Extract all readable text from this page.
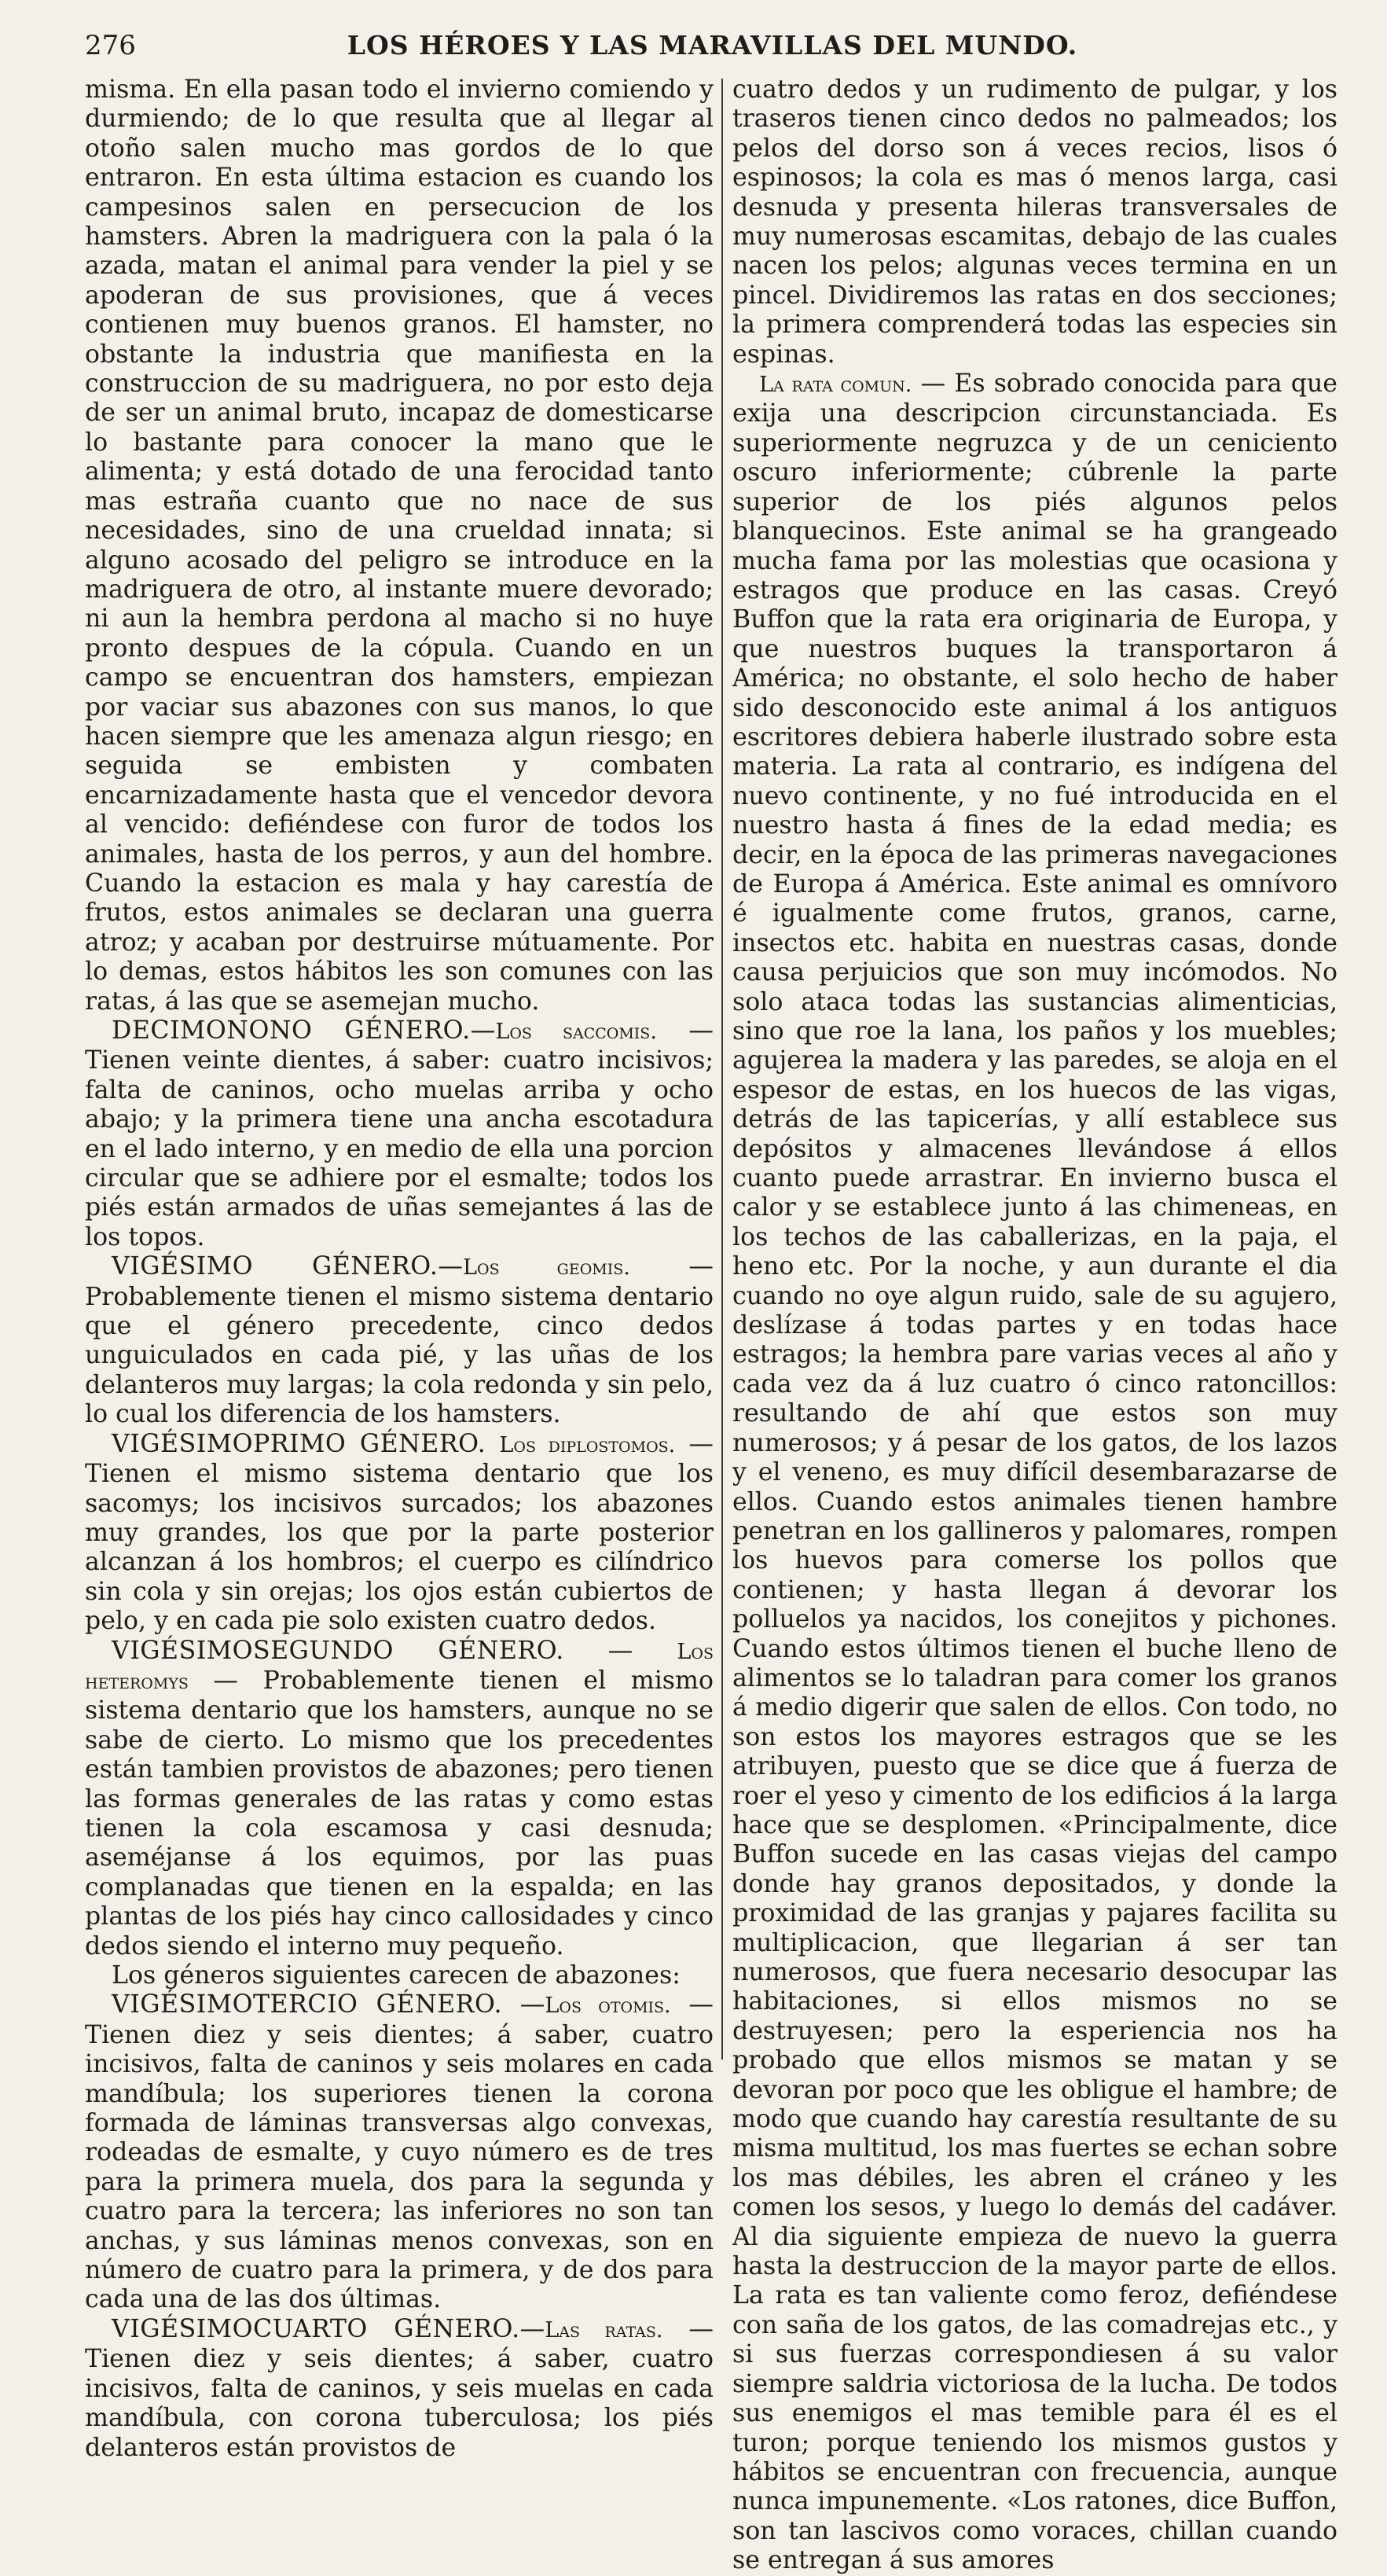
276	LOS HÉROES Y LAS MARAVILLAS DEL MUNDO.

misma. En ella pasan todo el invierno comiendo y durmiendo; de lo que resulta que al llegar al otoño salen mucho mas gordos de lo que entraron. En esta última estacion es cuando los campesinos salen en persecucion de los hamsters. Abren la madriguera con la pala ó la azada, matan el animal para vender la piel y se apoderan de sus provisiones, que á veces contienen muy buenos granos. El hamster, no obstante la industria que manifiesta en la construccion de su madriguera, no por esto deja de ser un animal bruto, incapaz de domesticarse lo bastante para conocer la mano que le alimenta; y está dotado de una ferocidad tanto mas estraña cuanto que no nace de sus necesidades, sino de una crueldad innata; si alguno acosado del peligro se introduce en la madriguera de otro, al instante muere devorado; ni aun la hembra perdona al macho si no huye pronto despues de la cópula. Cuando en un campo se encuentran dos hamsters, empiezan por vaciar sus abazones con sus manos, lo que hacen siempre que les amenaza algun riesgo; en seguida se embisten y combaten encarnizadamente hasta que el vencedor devora al vencido: defiéndese con furor de todos los animales, hasta de los perros, y aun del hombre. Cuando la estacion es mala y hay carestía de frutos, estos animales se declaran una guerra atroz; y acaban por destruirse mútuamente. Por lo demas, estos hábitos les son comunes con las ratas, á las que se asemejan mucho.

DECIMONONO GÉNERO.—Los saccomis. — Tienen veinte dientes, á saber: cuatro incisivos; falta de caninos, ocho muelas arriba y ocho abajo; y la primera tiene una ancha escotadura en el lado interno, y en medio de ella una porcion circular que se adhiere por el esmalte; todos los piés están armados de uñas semejantes á las de los topos.

VIGÉSIMO GÉNERO.—Los geomis. — Probablemente tienen el mismo sistema dentario que el género precedente, cinco dedos unguiculados en cada pié, y las uñas de los delanteros muy largas; la cola redonda y sin pelo, lo cual los diferencia de los hamsters.

VIGÉSIMOPRIMO GÉNERO. Los diplostomos. — Tienen el mismo sistema dentario que los sacomys; los incisivos surcados; los abazones muy grandes, los que por la parte posterior alcanzan á los hombros; el cuerpo es cilíndrico sin cola y sin orejas; los ojos están cubiertos de pelo, y en cada pie solo existen cuatro dedos.

VIGÉSIMOSEGUNDO GÉNERO. — Los heteromys — Probablemente tienen el mismo sistema dentario que los hamsters, aunque no se sabe de cierto. Lo mismo que los precedentes están tambien provistos de abazones; pero tienen las formas generales de las ratas y como estas tienen la cola escamosa y casi desnuda; aseméjanse á los equimos, por las puas complanadas que tienen en la espalda; en las plantas de los piés hay cinco callosidades y cinco dedos siendo el interno muy pequeño.

Los géneros siguientes carecen de abazones:

VIGÉSIMOTERCIO GÉNERO. —Los otomis. — Tienen diez y seis dientes; á saber, cuatro incisivos, falta de caninos y seis molares en cada mandíbula; los superiores tienen la corona formada de láminas transversas algo convexas, rodeadas de esmalte, y cuyo número es de tres para la primera muela, dos para la segunda y cuatro para la tercera; las inferiores no son tan anchas, y sus láminas menos convexas, son en número de cuatro para la primera, y de dos para cada una de las dos últimas.

VIGÉSIMOCUARTO GÉNERO.—Las ratas. — Tienen diez y seis dientes; á saber, cuatro incisivos, falta de caninos, y seis muelas en cada mandíbula, con corona tuberculosa; los piés delanteros están provistos de

cuatro dedos y un rudimento de pulgar, y los traseros tienen cinco dedos no palmeados; los pelos del dorso son á veces recios, lisos ó espinosos; la cola es mas ó menos larga, casi desnuda y presenta hileras transversales de muy numerosas escamitas, debajo de las cuales nacen los pelos; algunas veces termina en un pincel. Dividiremos las ratas en dos secciones; la primera comprenderá todas las especies sin espinas.

La rata comun. — Es sobrado conocida para que exija una descripcion circunstanciada. Es superiormente negruzca y de un ceniciento oscuro inferiormente; cúbrenle la parte superior de los piés algunos pelos blanquecinos. Este animal se ha grangeado mucha fama por las molestias que ocasiona y estragos que produce en las casas. Creyó Buffon que la rata era originaria de Europa, y que nuestros buques la transportaron á América; no obstante, el solo hecho de haber sido desconocido este animal á los antiguos escritores debiera haberle ilustrado sobre esta materia. La rata al contrario, es indígena del nuevo continente, y no fué introducida en el nuestro hasta á fines de la edad media; es decir, en la época de las primeras navegaciones de Europa á América. Este animal es omnívoro é igualmente come frutos, granos, carne, insectos etc. habita en nuestras casas, donde causa perjuicios que son muy incómodos. No solo ataca todas las sustancias alimenticias, sino que roe la lana, los paños y los muebles; agujerea la madera y las paredes, se aloja en el espesor de estas, en los huecos de las vigas, detrás de las tapicerías, y allí establece sus depósitos y almacenes llevándose á ellos cuanto puede arrastrar. En invierno busca el calor y se establece junto á las chimeneas, en los techos de las caballerizas, en la paja, el heno etc. Por la noche, y aun durante el dia cuando no oye algun ruido, sale de su agujero, deslízase á todas partes y en todas hace estragos; la hembra pare varias veces al año y cada vez da á luz cuatro ó cinco ratoncillos: resultando de ahí que estos son muy numerosos; y á pesar de los gatos, de los lazos y el veneno, es muy difícil desembarazarse de ellos. Cuando estos animales tienen hambre penetran en los gallineros y palomares, rompen los huevos para comerse los pollos que contienen; y hasta llegan á devorar los polluelos ya nacidos, los conejitos y pichones. Cuando estos últimos tienen el buche lleno de alimentos se lo taladran para comer los granos á medio digerir que salen de ellos. Con todo, no son estos los mayores estragos que se les atribuyen, puesto que se dice que á fuerza de roer el yeso y cimento de los edificios á la larga hace que se desplomen. «Principalmente, dice Buffon sucede en las casas viejas del campo donde hay granos depositados, y donde la proximidad de las granjas y pajares facilita su multiplicacion, que llegarian á ser tan numerosos, que fuera necesario desocupar las habitaciones, si ellos mismos no se destruyesen; pero la esperiencia nos ha probado que ellos mismos se matan y se devoran por poco que les obligue el hambre; de modo que cuando hay carestía resultante de su misma multitud, los mas fuertes se echan sobre los mas débiles, les abren el cráneo y les comen los sesos, y luego lo demás del cadáver. Al dia siguiente empieza de nuevo la guerra hasta la destruccion de la mayor parte de ellos. La rata es tan valiente como feroz, defiéndese con saña de los gatos, de las comadrejas etc., y si sus fuerzas correspondiesen á su valor siempre saldria victoriosa de la lucha. De todos sus enemigos el mas temible para él es el turon; porque teniendo los mismos gustos y hábitos se encuentran con frecuencia, aunque nunca impunemente. «Los ratones, dice Buffon, son tan lascivos como voraces, chillan cuando se entregan á sus amores
